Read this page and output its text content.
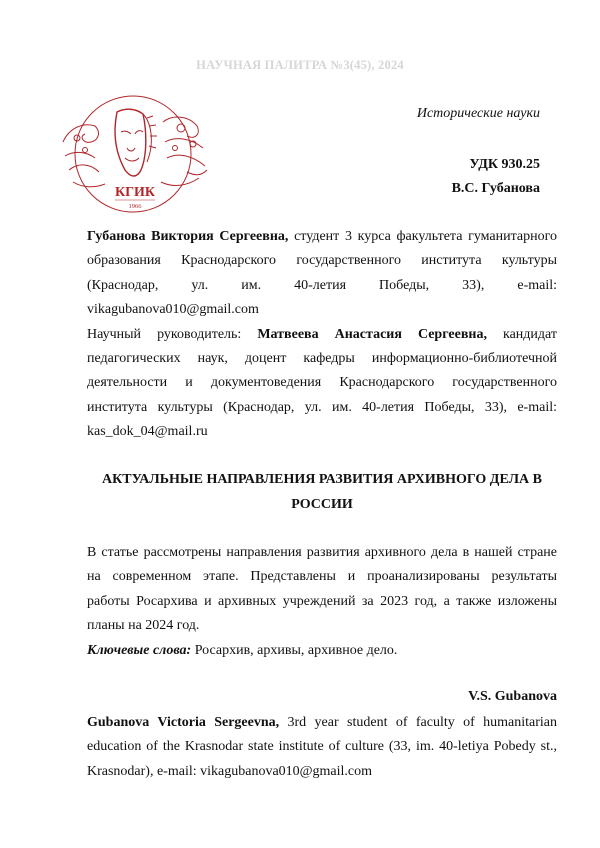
НАУЧНАЯ ПАЛИТРА №3(45), 2024
Исторические науки
КГИК
1966
УДК 930.25
В.С. Губанова

Губанова Виктория Сергеевна, студент 3 курса факультета гуманитарного

образования Краснодарского государственного института культуры

(Краснодар, ул. им. 40-летия Победы, 33), e-mail:

vikagubanova010@gmail.com

Научный руководитель: Матвеева Анастасия Сергеевна, кандидат

педагогических наук, доцент кафедры информационно-библиотечной

деятельности и документоведения Краснодарского государственного

института культуры (Краснодар, ул. им. 40-летия Победы, 33), e-mail:

kas_dok_04@mail.ru

АКТУАЛЬНЫЕ НАПРАВЛЕНИЯ РАЗВИТИЯ АРХИВНОГО ДЕЛА В
РОССИИ

В статье рассмотрены направления развития архивного дела в нашей стране

на современном этапе. Представлены и проанализированы результаты

работы Росархива и архивных учреждений за 2023 год, а также изложены

планы на 2024 год.

Ключевые слова: Росархив, архивы, архивное дело.

V.S. Gubanova

Gubanova Victoria Sergeevna, 3rd year student of faculty of humanitarian

education of the Krasnodar state institute of culture (33, im. 40-letiya Pobedy st.,

Krasnodar), e-mail: vikagubanova010@gmail.com
